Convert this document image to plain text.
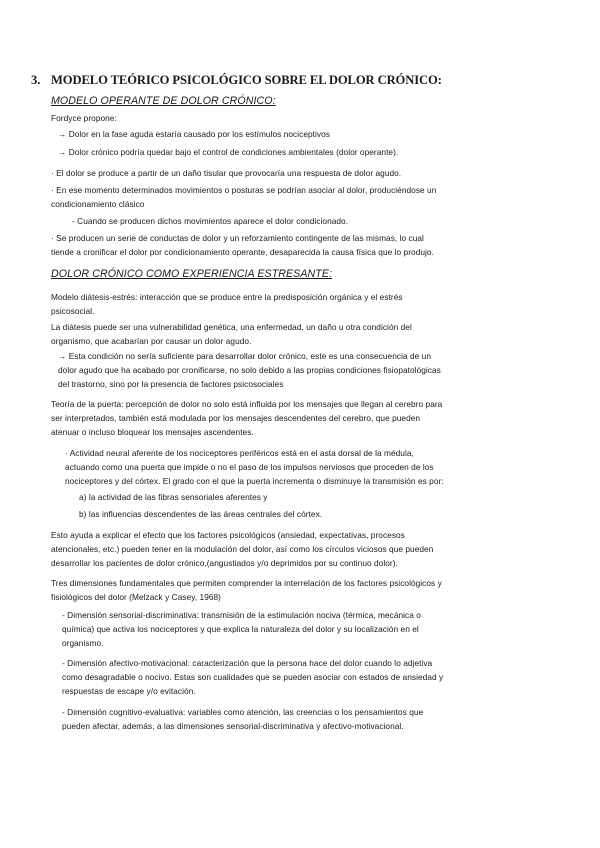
3. MODELO TEÓRICO PSICOLÓGICO SOBRE EL DOLOR CRÓNICO:
MODELO OPERANTE DE DOLOR CRÓNICO:
Fordyce propone:
→ Dolor en la fase aguda estaría causado por los estímulos nociceptivos
→ Dolor crónico podría quedar bajo el control de condiciones ambientales (dolor operante).
· El dolor se produce a partir de un daño tisular que provocaría una respuesta de dolor agudo.
· En ese momento determinados movimientos o posturas se podrían asociar al dolor, produciéndose un
condicionamiento clásico
- Cuando se producen dichos movimientos aparece el dolor condicionado.
· Se producen un serie de conductas de dolor y un reforzamiento contingente de las mismas, lo cual
tiende a cronificar el dolor por condicionamiento operante, desaparecida la causa física que lo produjo.
DOLOR CRÓNICO COMO EXPERIENCIA ESTRESANTE:
Modelo diátesis-estrés: interacción que se produce entre la predisposición orgánica y el estrés
psicosocial.
La diátesis puede ser una vulnerabilidad genética, una enfermedad, un daño u otra condición del
organismo, que acabarían por causar un dolor agudo.
→ Esta condición no sería suficiente para desarrollar dolor crónico, este es una consecuencia de un
dolor agudo que ha acabado por cronificarse, no solo debido a las propias condiciones fisiopatológicas
del trastorno, sino por la presencia de factores psicosociales
Teoría de la puerta: percepción de dolor no solo está influida por los mensajes que llegan al cerebro para
ser interpretados, también está modulada por los mensajes descendentes del cerebro, que pueden
atenuar o incluso bloquear los mensajes ascendentes.
· Actividad neural aferente de los nociceptores periféricos está en el asta dorsal de la médula,
actuando como una puerta que impide o no el paso de los impulsos nerviosos que proceden de los
nociceptores y del córtex. El grado con el que la puerta incrementa o disminuye la transmisión es por:
a) la actividad de las fibras sensoriales aferentes y
b) las influencias descendentes de las áreas centrales del córtex.
Esto ayuda a explicar el efecto que los factores psicológicos (ansiedad, expectativas, procesos
atencionales, etc.) pueden tener en la modulación del dolor, así como los círculos viciosos que pueden
desarrollar los pacientes de dolor crónico,(angustiados y/o deprimidos por su continuo dolor).
Tres dimensiones fundamentales que permiten comprender la interrelación de los factores psicológicos y
fisiológicos del dolor (Melzack y Casey, 1968)
- Dimensión sensorial-discriminativa: transmisión de la estimulación nociva (térmica, mecánica o
química) que activa los nociceptores y que explica la naturaleza del dolor y su localización en el
organismo.
- Dimensión afectivo-motivacional: caracterización que la persona hace del dolor cuando lo adjetiva
como desagradable o nocivo. Estas son cualidades que se pueden asociar con estados de ansiedad y
respuestas de escape y/o evitación.
- Dimensión cognitivo-evaluativa: variables como atención, las creencias o los pensamientos que
pueden afectar, además, a las dimensiones sensorial-discriminativa y afectivo-motivacional.
